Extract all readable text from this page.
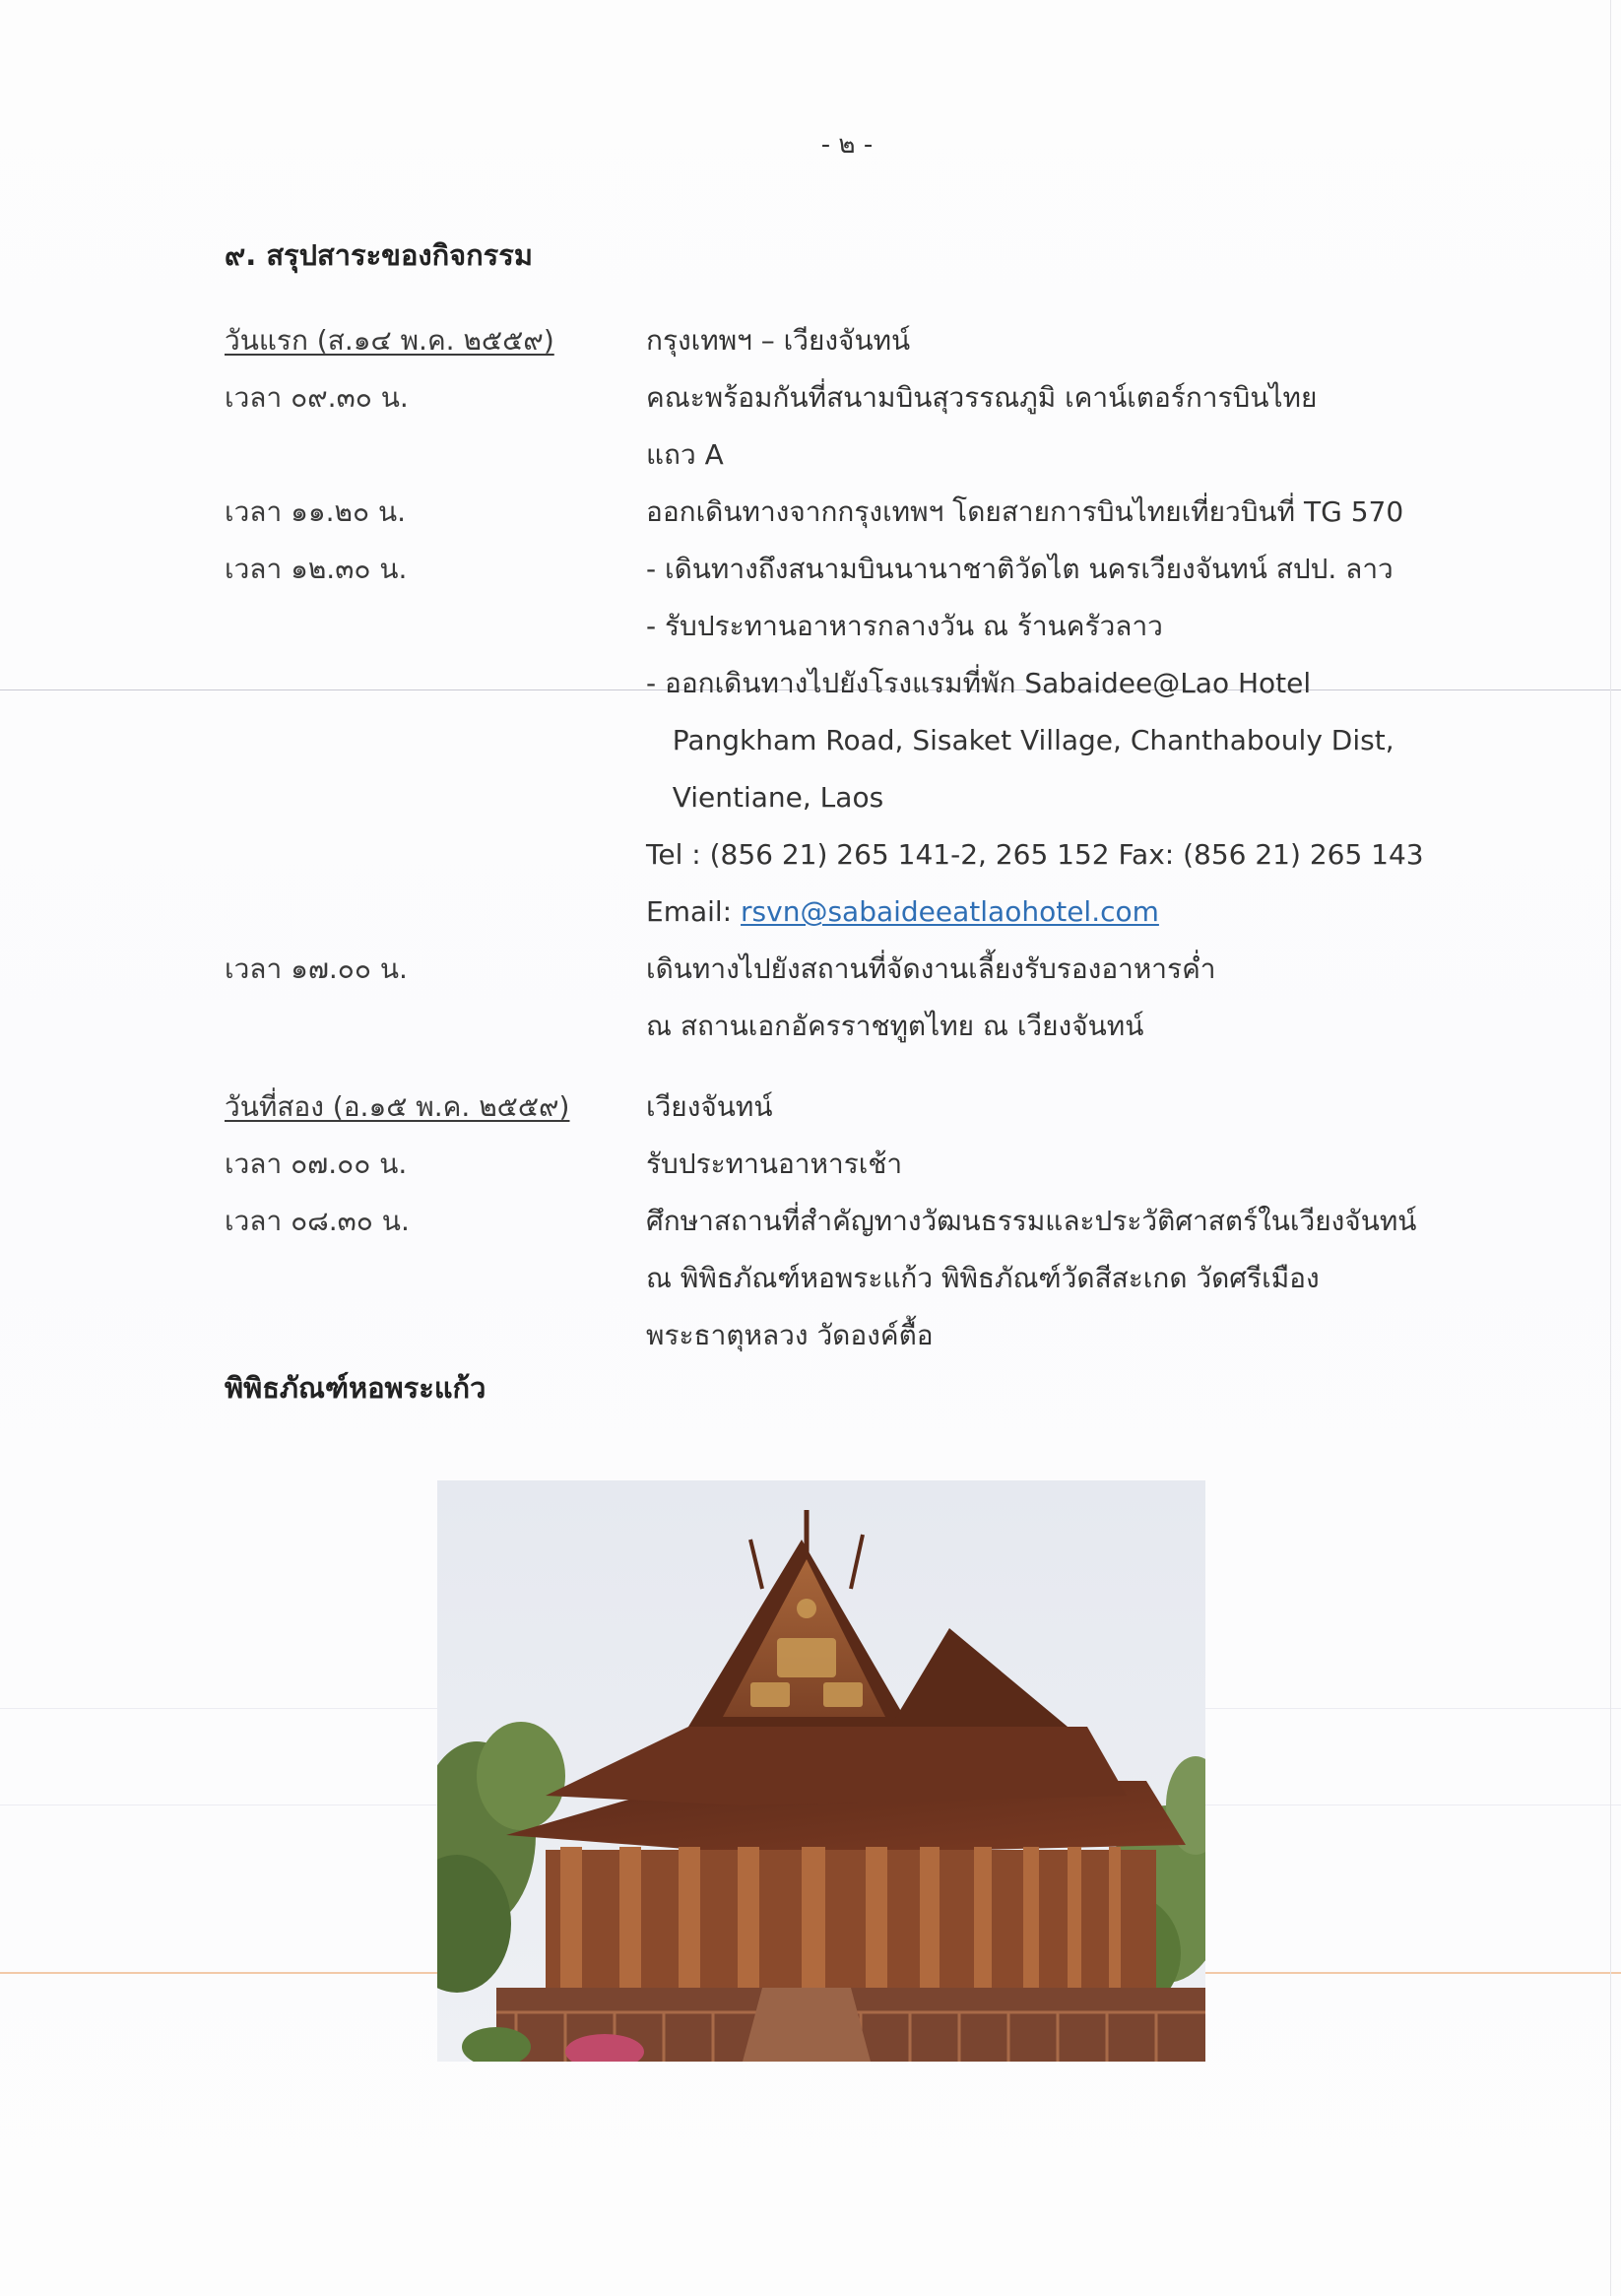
- ๒ -
๙. สรุปสาระของกิจกรรม
วันแรก (ส.๑๔ พ.ค. ๒๕๕๙)	กรุงเทพฯ – เวียงจันทน์
เวลา ๐๙.๓๐ น.	คณะพร้อมกันที่สนามบินสุวรรณภูมิ เคาน์เตอร์การบินไทย
แถว A
เวลา ๑๑.๒๐ น.	ออกเดินทางจากกรุงเทพฯ โดยสายการบินไทยเที่ยวบินที่ TG 570
เวลา ๑๒.๓๐ น.	- เดินทางถึงสนามบินนานาชาติวัดไต นครเวียงจันทน์ สปป. ลาว
- รับประทานอาหารกลางวัน ณ ร้านครัวลาว
- ออกเดินทางไปยังโรงแรมที่พัก Sabaidee@Lao Hotel
Pangkham Road, Sisaket Village, Chanthabouly Dist,
Vientiane, Laos
Tel : (856 21) 265 141-2, 265 152 Fax: (856 21) 265 143
Email: rsvn@sabaideeatlaohotel.com
เวลา ๑๗.๐๐ น.	เดินทางไปยังสถานที่จัดงานเลี้ยงรับรองอาหารค่ำ
ณ สถานเอกอัครราชทูตไทย ณ เวียงจันทน์
วันที่สอง (อ.๑๕ พ.ค. ๒๕๕๙)	เวียงจันทน์
เวลา ๐๗.๐๐ น.	รับประทานอาหารเช้า
เวลา ๐๘.๓๐ น.	ศึกษาสถานที่สำคัญทางวัฒนธรรมและประวัติศาสตร์ในเวียงจันทน์
ณ พิพิธภัณฑ์หอพระแก้ว พิพิธภัณฑ์วัดสีสะเกด วัดศรีเมือง
พระธาตุหลวง วัดองค์ตื้อ
พิพิธภัณฑ์หอพระแก้ว
